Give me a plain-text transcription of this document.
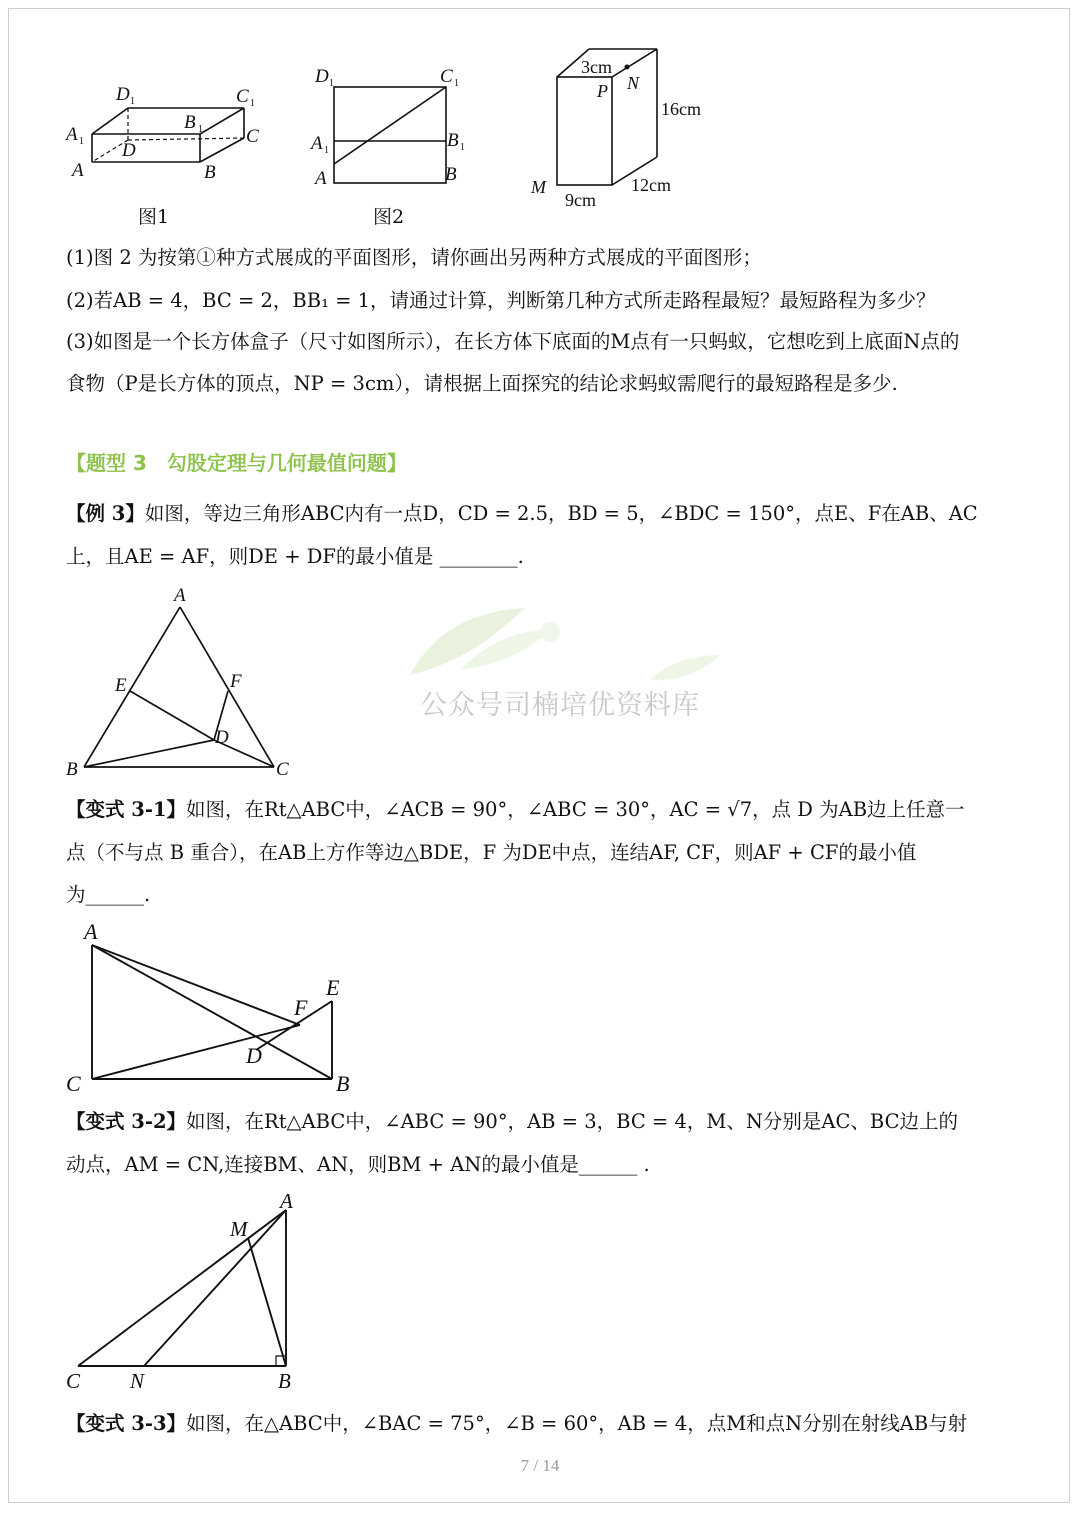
D 1	C 1
B 1
A 1	C
D
A	B
图1
D 1	C 1
A 1	B 1
A	B
图2
3cm
P N
16cm
M
9cm
12cm
(1)图 2 为按第①种方式展成的平面图形，请你画出另两种方式展成的平面图形；
(2)若AB = 4，BC = 2，BB₁ = 1，请通过计算，判断第几种方式所走路程最短？最短路程为多少？
(3)如图是一个长方体盒子（尺寸如图所示），在长方体下底面的M点有一只蚂蚁，它想吃到上底面N点的
食物（P是长方体的顶点，NP = 3cm），请根据上面探究的结论求蚂蚁需爬行的最短路程是多少.
【题型 3　勾股定理与几何最值问题】
【例 3】如图，等边三角形ABC内有一点D，CD = 2.5，BD = 5，∠BDC = 150°，点E、F在AB、AC
上，且AE = AF，则DE + DF的最小值是 ________.
A
E	F
D
B	C
公众号司楠培优资料库
【变式 3-1】如图，在Rt△ABC中，∠ACB = 90°，∠ABC = 30°，AC = √7，点 D 为AB边上任意一
点（不与点 B 重合），在AB上方作等边△BDE，F 为DE中点，连结AF, CF，则AF + CF的最小值
为______.
A
E
F
D
C	B
【变式 3-2】如图，在Rt△ABC中，∠ABC = 90°，AB = 3，BC = 4，M、N分别是AC、BC边上的
动点，AM = CN,连接BM、AN，则BM + AN的最小值是______ .
A
M
C N	B
【变式 3-3】如图，在△ABC中，∠BAC = 75°，∠B = 60°，AB = 4，点M和点N分别在射线AB与射
7 / 14
